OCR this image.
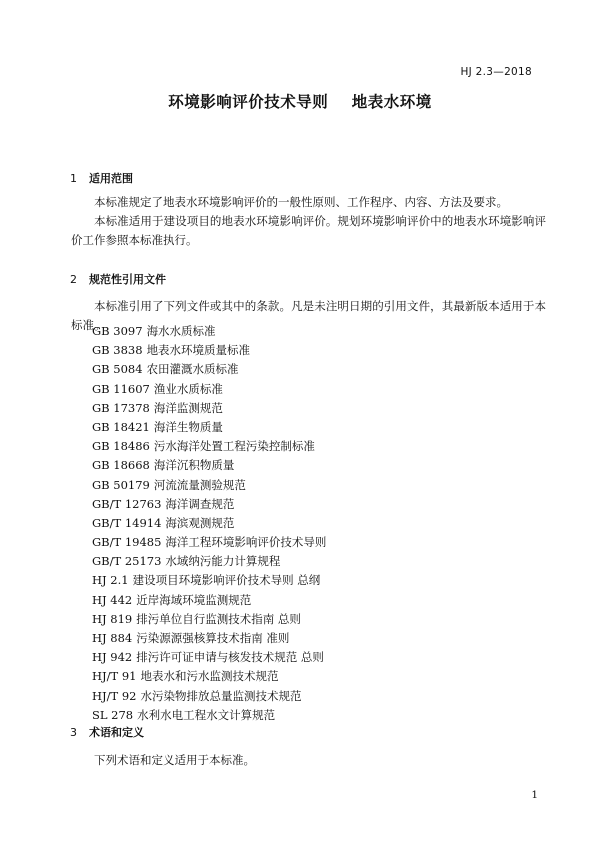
HJ 2.3—2018
环境影响评价技术导则    地表水环境
1 适用范围

本标准规定了地表水环境影响评价的一般性原则、工作程序、内容、方法及要求。

本标准适用于建设项目的地表水环境影响评价。规划环境影响评价中的地表水环境影响评价工作参照本标准执行。

2 规范性引用文件

本标准引用了下列文件或其中的条款。凡是未注明日期的引用文件，其最新版本适用于本标准。

GB 3097 海水水质标准
GB 3838 地表水环境质量标准
GB 5084 农田灌溉水质标准
GB 11607 渔业水质标准
GB 17378 海洋监测规范
GB 18421 海洋生物质量
GB 18486 污水海洋处置工程污染控制标准
GB 18668 海洋沉积物质量
GB 50179 河流流量测验规范
GB/T 12763 海洋调查规范
GB/T 14914 海滨观测规范
GB/T 19485 海洋工程环境影响评价技术导则
GB/T 25173 水域纳污能力计算规程
HJ 2.1 建设项目环境影响评价技术导则 总纲
HJ 442 近岸海域环境监测规范
HJ 819 排污单位自行监测技术指南 总则
HJ 884 污染源源强核算技术指南 准则
HJ 942 排污许可证申请与核发技术规范 总则
HJ/T 91 地表水和污水监测技术规范
HJ/T 92 水污染物排放总量监测技术规范
SL 278 水利水电工程水文计算规范
3 术语和定义

下列术语和定义适用于本标准。

1
